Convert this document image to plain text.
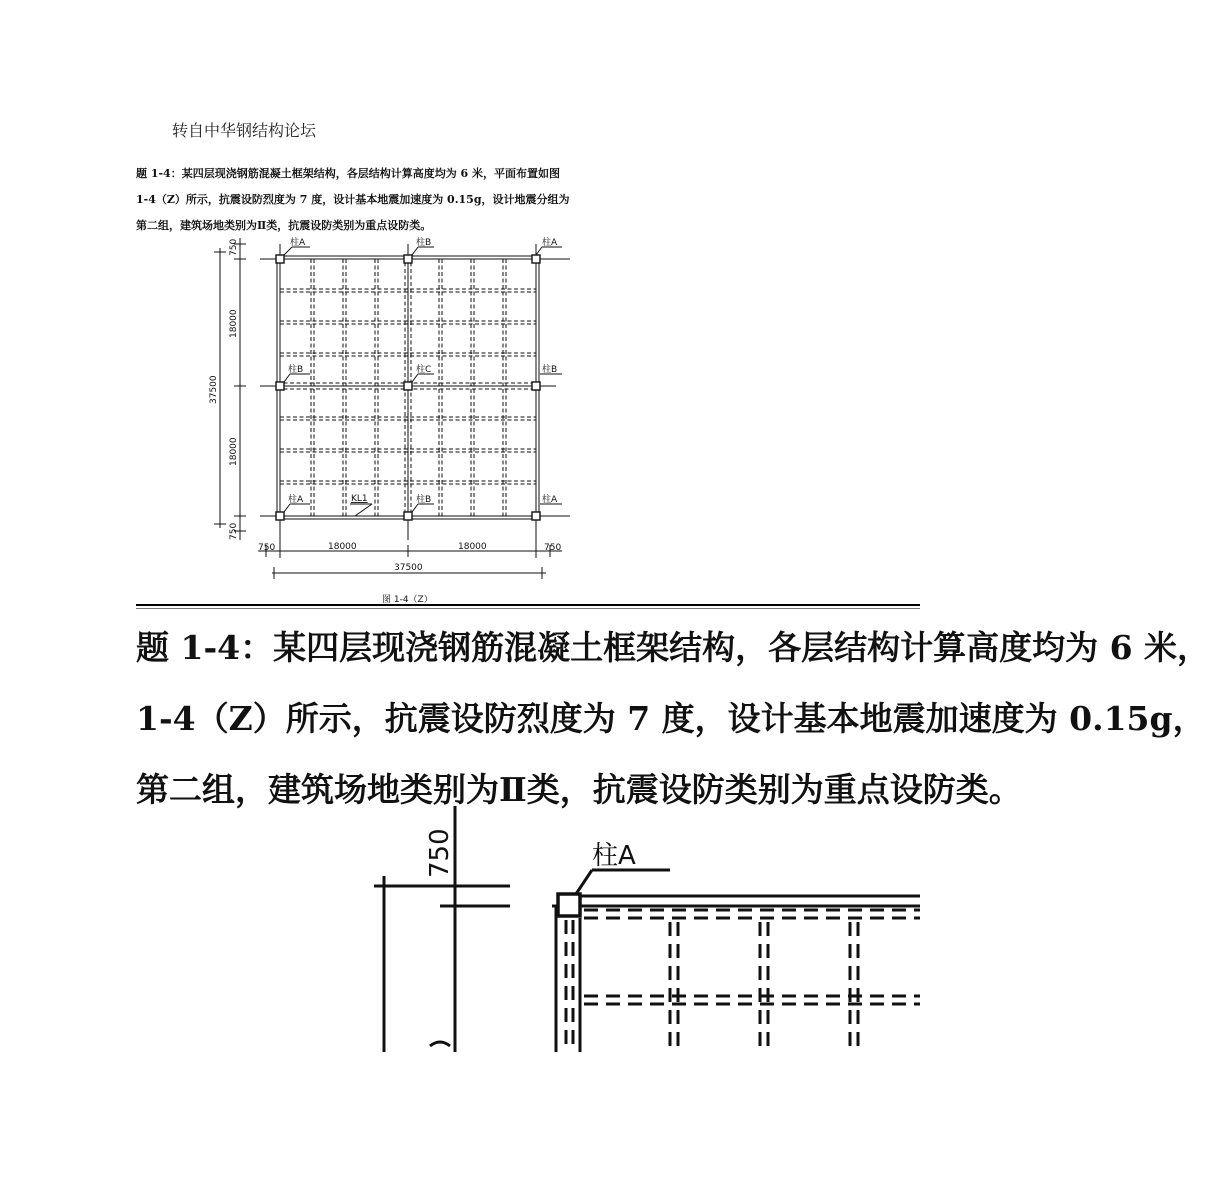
转自中华钢结构论坛

题 1-4：某四层现浇钢筋混凝土框架结构，各层结构计算高度均为 6 米，平面布置如图

1-4（Z）所示，抗震设防烈度为 7 度，设计基本地震加速度为 0.15g，设计地震分组为

第二组，建筑场地类别为Ⅱ类，抗震设防类别为重点设防类。

柱A	柱B	柱A
柱B	柱C	柱B
柱A	柱B	柱A
KL1
750
18000
18000
750
37500
750	18000	18000	750
37500
图 1-4（Z）

题 1-4：某四层现浇钢筋混凝土框架结构，各层结构计算高度均为 6 米，

1-4（Z）所示，抗震设防烈度为 7 度，设计基本地震加速度为 0.15g，

第二组，建筑场地类别为Ⅱ类，抗震设防类别为重点设防类。

750	柱A
